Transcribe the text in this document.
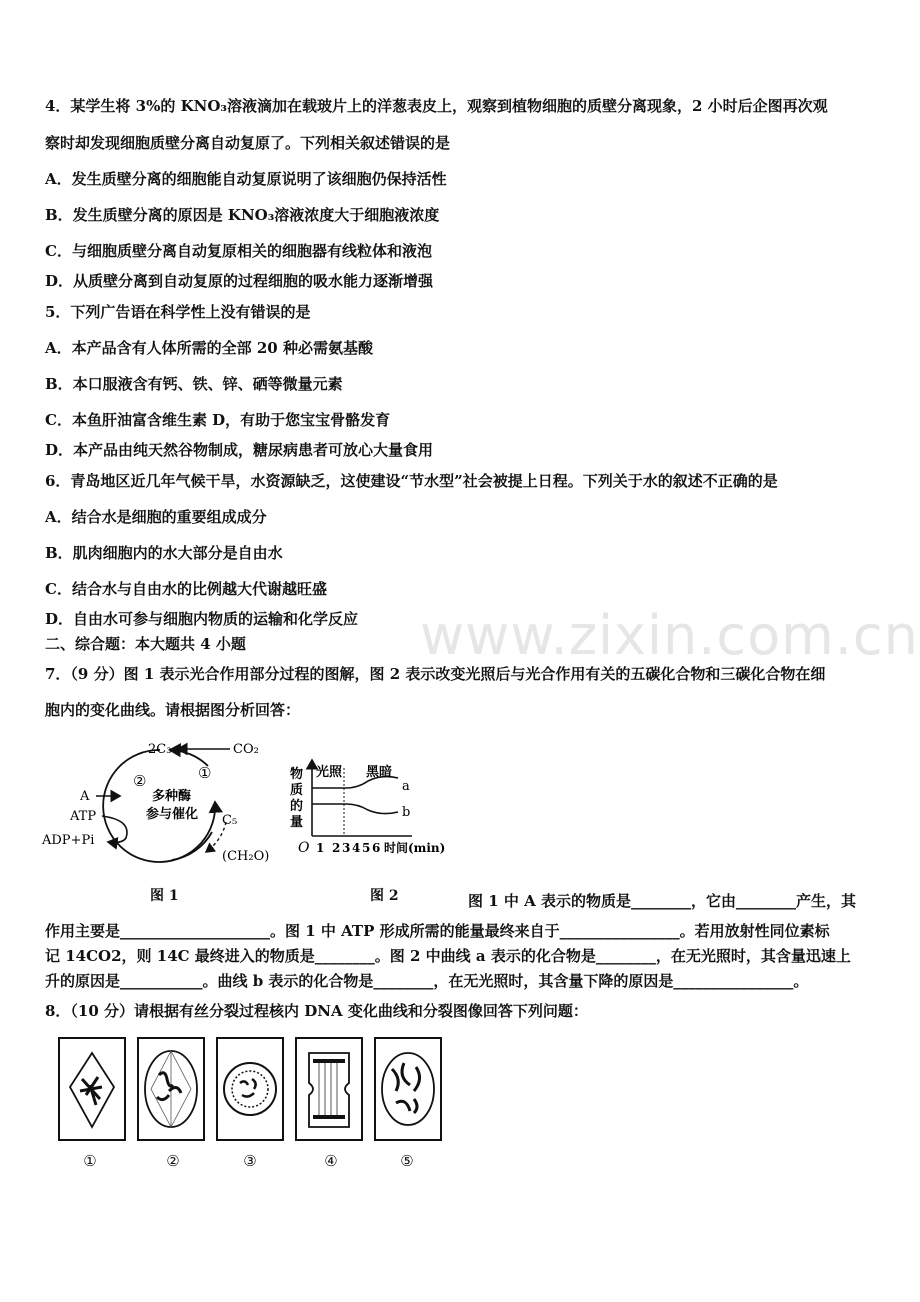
www.zixin.com.cn
4．某学生将 3%的 KNO₃溶液滴加在载玻片上的洋葱表皮上，观察到植物细胞的质壁分离现象，2 小时后企图再次观
察时却发现细胞质壁分离自动复原了。下列相关叙述错误的是
A．发生质壁分离的细胞能自动复原说明了该细胞仍保持活性
B．发生质壁分离的原因是 KNO₃溶液浓度大于细胞液浓度
C．与细胞质壁分离自动复原相关的细胞器有线粒体和液泡
D．从质壁分离到自动复原的过程细胞的吸水能力逐渐增强
5．下列广告语在科学性上没有错误的是
A．本产品含有人体所需的全部 20 种必需氨基酸
B．本口服液含有钙、铁、锌、硒等微量元素
C．本鱼肝油富含维生素 D，有助于您宝宝骨骼发育
D．本产品由纯天然谷物制成，糖尿病患者可放心大量食用
6．青岛地区近几年气候干旱，水资源缺乏，这使建设“节水型”社会被提上日程。下列关于水的叙述不正确的是
A．结合水是细胞的重要组成成分
B．肌肉细胞内的水大部分是自由水
C．结合水与自由水的比例越大代谢越旺盛
D．自由水可参与细胞内物质的运输和化学反应
二、综合题：本大题共 4 小题
7．（9 分）图 1 表示光合作用部分过程的图解，图 2 表示改变光照后与光合作用有关的五碳化合物和三碳化合物在细
胞内的变化曲线。请根据图分析回答：
2C₃	CO₂
A
ATP
ADP+Pi
②	①
多种酶
参与催化 C₅
(CH₂O)
图 1
物
质
的
量
光照 黑暗
a
b
O 1 2 3 4 5 6 时间(min)
图 2	图 1 中 A 表示的物质是________，它由________产生，其
作用主要是____________________。图 1 中 ATP 形成所需的能量最终来自于________________。若用放射性同位素标
记 14CO2，则 14C 最终进入的物质是________。图 2 中曲线 a 表示的化合物是________，在无光照时，其含量迅速上
升的原因是___________。曲线 b 表示的化合物是________，在无光照时，其含量下降的原因是________________。
8．（10 分）请根据有丝分裂过程核内 DNA 变化曲线和分裂图像回答下列问题：
①	②	③	④	⑤
